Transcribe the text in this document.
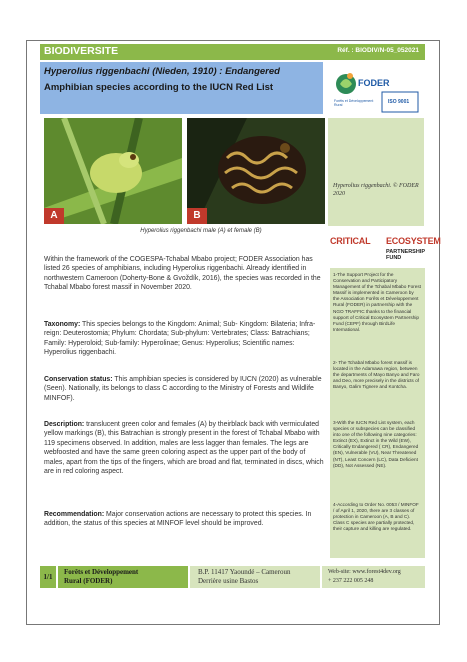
BIODIVERSITE	Réf. : BIODIV/N-05_052021
Hyperolius riggenbachi (Nieden, 1910) : Endangered
Amphibian species according to the IUCN Red List	FODER
Forêts et Développement Rural	ISO 9001
A	B
Hyperolius riggenbachi male (A) et female (B)
Hyperolius riggenbachi. © FODER 2020
CRITICAL ECOSYSTEM
PARTNERSHIP FUND
1-The Support Project for the Conservation and Participatory Management of the Tchabal Mbabo Forest Massif is implemented in Cameroon by the Association Forêts et Développement Rural (FODER) in partnership with the NGO TRAFFIC thanks to the financial support of Critical Ecosystem Partnership Fund (CEPF) through BirdLife International.
2- The Tchabal Mbabo forest massif is located in the Adamawa region, between the departments of Mayo Banyo and Faro and Deo, more precisely in the districts of Banyo, Galim Tignere and Kontcha.
3-With the IUCN Red List system, each species or subspecies can be classified into one of the following nine categories: Extinct (EX), Extinct in the Wild (EW), Critically Endangered ( CR), Endangered (EN), Vulnerable (VU), Near Threatened (NT), Least Concern (LC), Data Deficient (DD), Not Assessed (NE).
4-According to Order No. 0053 / MINFOF / of April 1, 2020, there are 3 classes of protection in Cameroon (A, B and C). Class C species are partially protected, their capture and killing are regulated.

Within the framework of the COGESPA-Tchabal Mbabo project; FODER Association has listed 26 species of amphibians, including Hyperolius riggenbachi. Already identified in northwestern Cameroon (Doherty-Bone & Gvoždík, 2016), the species was recorded in the Tchabal Mbabo forest massif in November 2020.

Taxonomy: This species belongs to the Kingdom: Animal; Sub- Kingdom: Bilateria; Infra-reign: Deuterostomia; Phylum: Chordata; Sub-phylum: Vertebrates; Class: Batrachians; Family: Hyperoloid; Sub-family: Hyperolinae; Genus: Hyperolius; Scientific names: Hyperolius riggenbachi.

Conservation status: This amphibian species is considered by IUCN (2020) as vulnerable (Seen). Nationally, its belongs to class C according to the Ministry of Forests and Wildlife MINFOF).

Description: translucent green color and females (A) by theirblack back with vermiculated yellow markings (B), this Batrachian is strongly present in the forest of Tchabal Mbabo with 119 specimens observed. In addition, males are less lagger than females. The legs are webfoosted and have the same green coloring aspect as the upper part of the body of males, apart from the tips of the fingers, which are broad and flat, terminated in discs, which are in red coloring aspect.

Recommendation: Major conservation actions are necessary to protect this species. In addition, the status of this species at MINFOF level should be improved.

1/1
Forêts et Développement
Rural (FODER)
B.P. 11417 Yaoundé – Cameroun
Derrière usine Bastos
Web-site: www.forest4dev.org
+ 237 222 005 248
